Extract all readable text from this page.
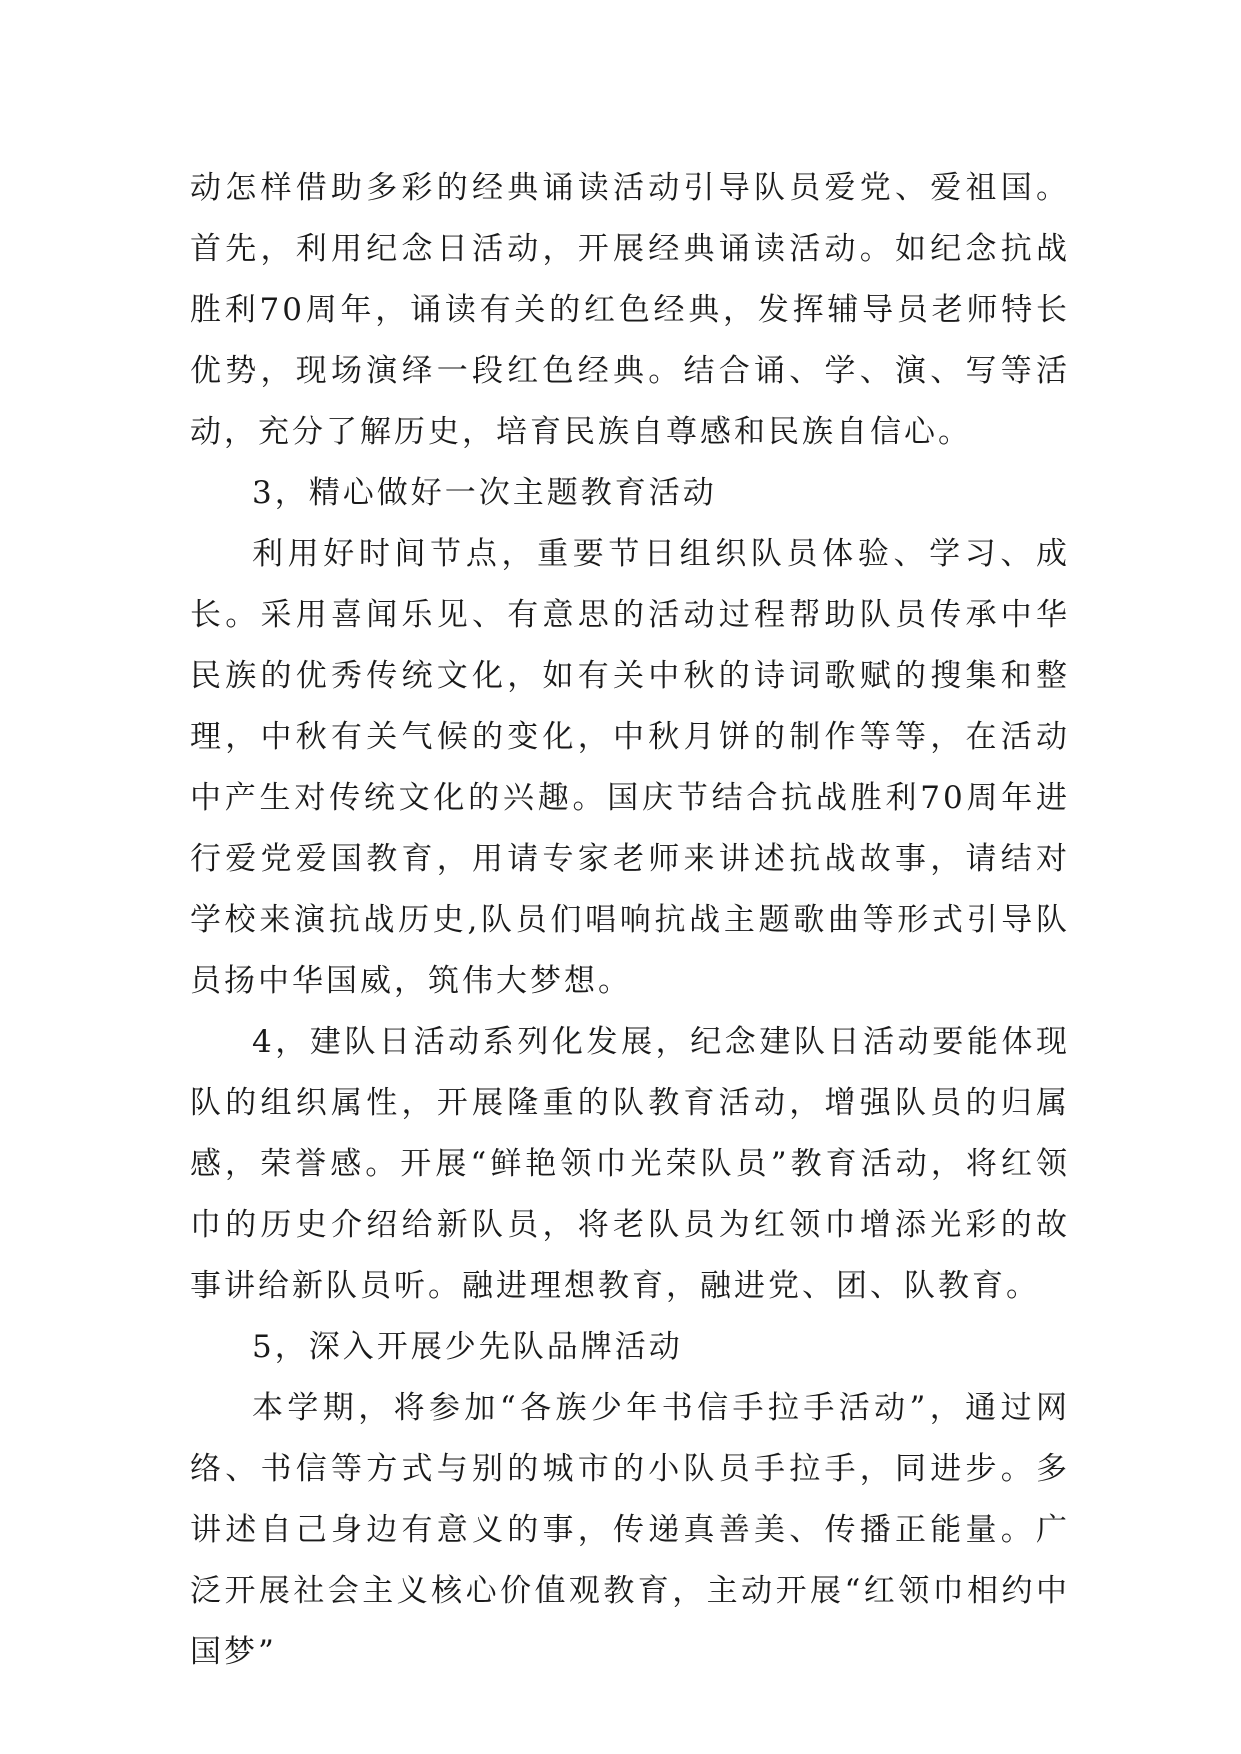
动怎样借助多彩的经典诵读活动引导队员爱党、爱祖国。首先，利用纪念日活动，开展经典诵读活动。如纪念抗战胜利70周年，诵读有关的红色经典，发挥辅导员老师特长优势，现场演绎一段红色经典。结合诵、学、演、写等活动，充分了解历史，培育民族自尊感和民族自信心。

3，精心做好一次主题教育活动

利用好时间节点，重要节日组织队员体验、学习、成长。采用喜闻乐见、有意思的活动过程帮助队员传承中华民族的优秀传统文化，如有关中秋的诗词歌赋的搜集和整理，中秋有关气候的变化，中秋月饼的制作等等，在活动中产生对传统文化的兴趣。国庆节结合抗战胜利70周年进行爱党爱国教育，用请专家老师来讲述抗战故事，请结对学校来演抗战历史,队员们唱响抗战主题歌曲等形式引导队员扬中华国威，筑伟大梦想。

4，建队日活动系列化发展，纪念建队日活动要能体现队的组织属性，开展隆重的队教育活动，增强队员的归属感，荣誉感。开展“鲜艳领巾光荣队员”教育活动，将红领巾的历史介绍给新队员，将老队员为红领巾增添光彩的故事讲给新队员听。融进理想教育，融进党、团、队教育。

5，深入开展少先队品牌活动

本学期，将参加“各族少年书信手拉手活动”，通过网络、书信等方式与别的城市的小队员手拉手，同进步。多讲述自己身边有意义的事，传递真善美、传播正能量。广泛开展社会主义核心价值观教育，主动开展“红领巾相约中国梦”
